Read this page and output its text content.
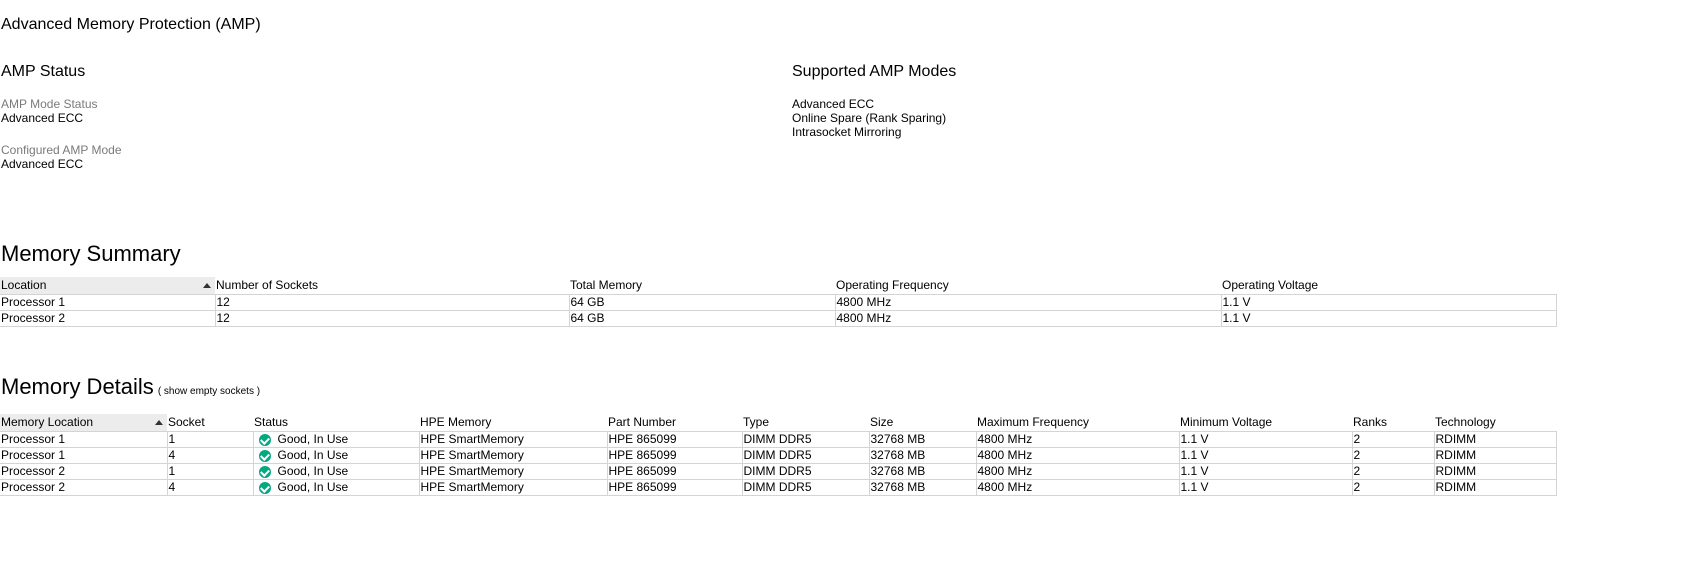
Advanced Memory Protection (AMP)
AMP Status
AMP Mode Status
Advanced ECC
Configured AMP Mode
Advanced ECC
Supported AMP Modes
Advanced ECC
Online Spare (Rank Sparing)
Intrasocket Mirroring
Memory Summary
Location	Number of Sockets	Total Memory	Operating Frequency	Operating Voltage
Processor 1	12	64 GB	4800 MHz	1.1 V
Processor 2	12	64 GB	4800 MHz	1.1 V
Memory Details ( show empty sockets )
Memory Location	Socket	Status	HPE Memory	Part Number	Type	Size	Maximum Frequency	Minimum Voltage	Ranks	Technology
Processor 1	1	Good, In Use	HPE SmartMemory	HPE 865099	DIMM DDR5	32768 MB	4800 MHz	1.1 V	2	RDIMM
Processor 1	4	Good, In Use	HPE SmartMemory	HPE 865099	DIMM DDR5	32768 MB	4800 MHz	1.1 V	2	RDIMM
Processor 2	1	Good, In Use	HPE SmartMemory	HPE 865099	DIMM DDR5	32768 MB	4800 MHz	1.1 V	2	RDIMM
Processor 2	4	Good, In Use	HPE SmartMemory	HPE 865099	DIMM DDR5	32768 MB	4800 MHz	1.1 V	2	RDIMM
